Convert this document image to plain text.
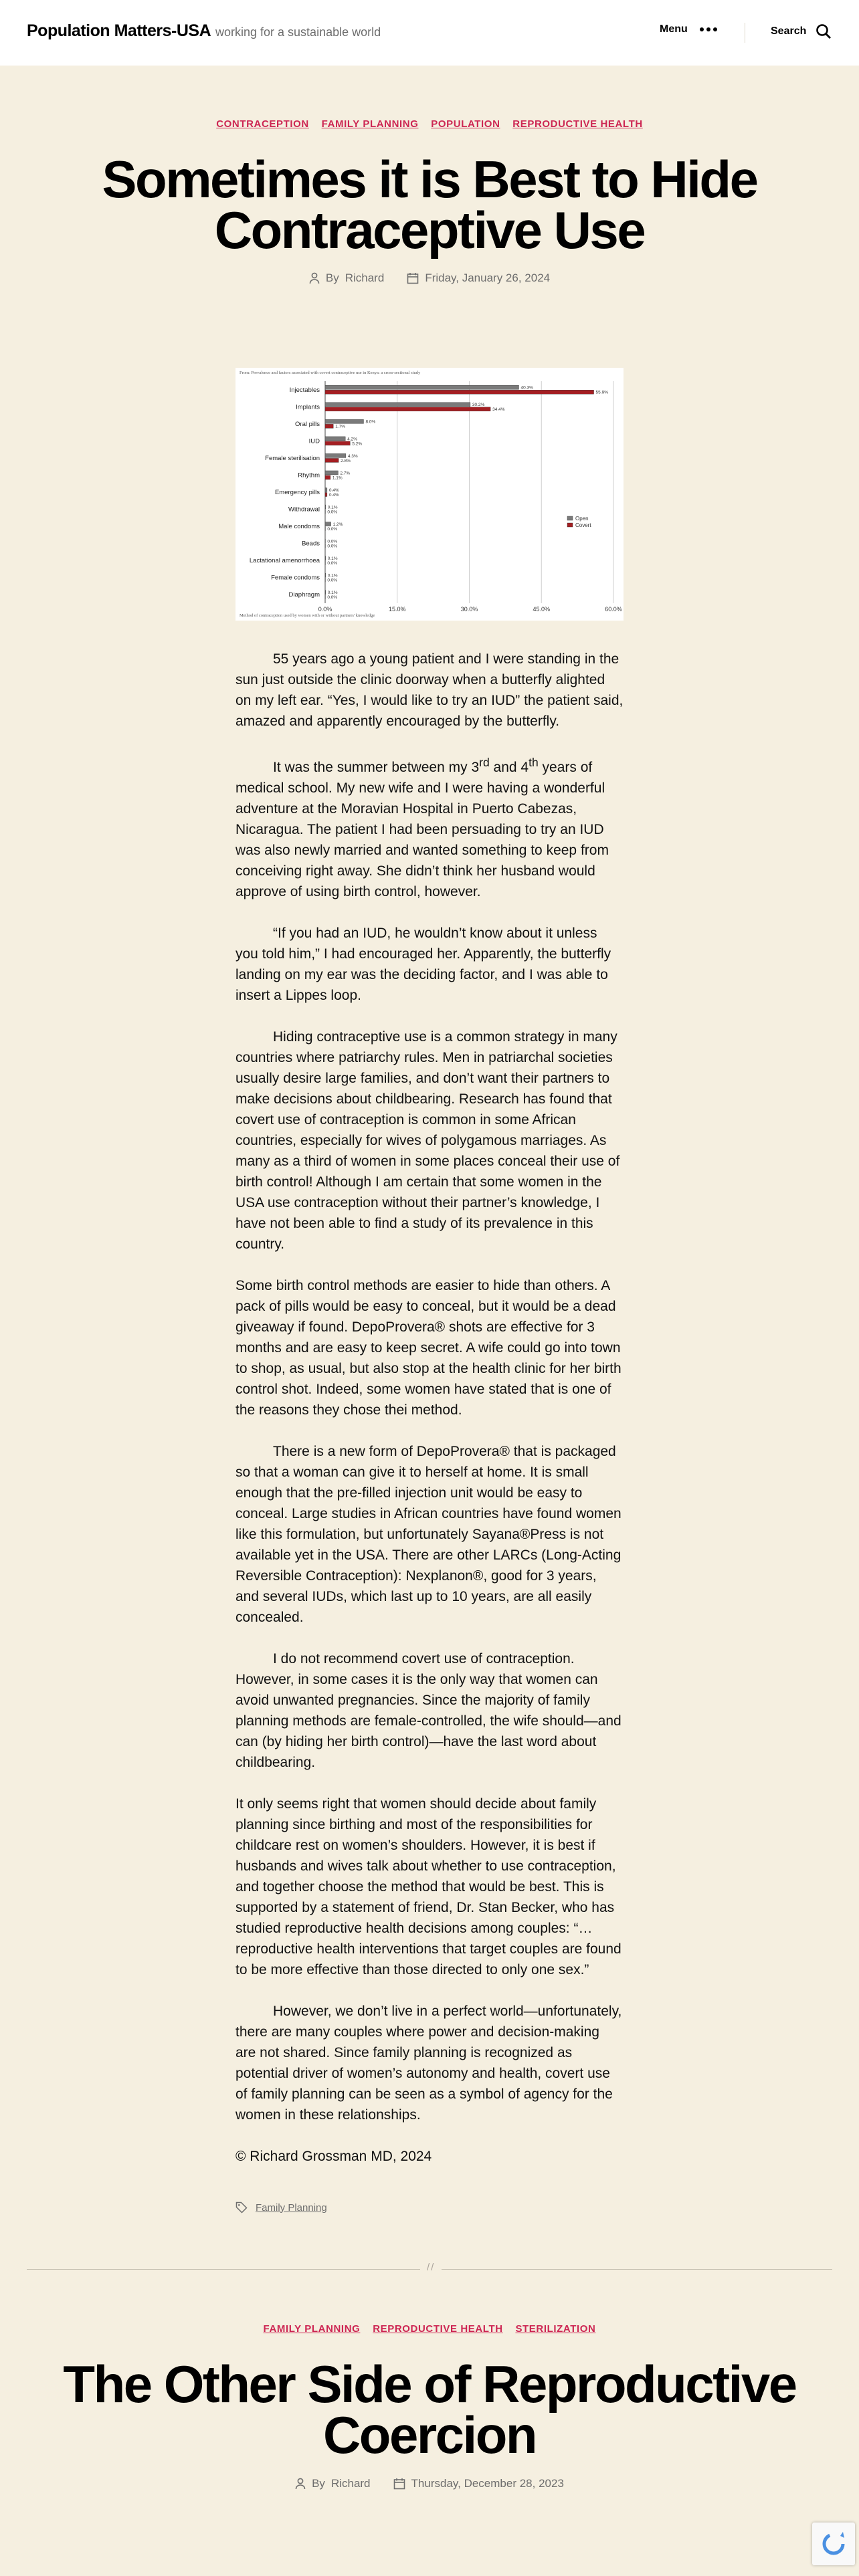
Population Matters-USA working for a sustainable world	Menu	Search
CONTRACEPTION FAMILY PLANNING POPULATION REPRODUCTIVE HEALTH
Sometimes it is Best to Hide
Contraceptive Use
By Richard	Friday, January 26, 2024
From: Prevalence and factors associated with covert contraceptive use in Kenya: a cross-sectional study
Method of contraception used by women with or without partners' knowledge
Injectables	40.3%
55.9%
Implants	30.2%
34.4%
Oral pills	8.0%
1.7%
IUD	4.2%
5.2%
Female sterilisation	4.3%
2.8%
Rhythm	2.7%
1.1%
Emergency pills 0.4%
0.4%
Withdrawal 0.1%
0.0%
Male condoms	1.2%
0.0%
Beads 0.0%
0.0%
Lactational amenorrhoea 0.1%
0.0%
Female condoms 0.1%
0.0%
Diaphragm 0.1%
0.0%
0.0%	15.0%	30.0%	45.0%	60.0%
Open
Covert

55 years ago a young patient and I were standing in the sun just outside the clinic doorway when a butterfly alighted on my left ear. “Yes, I would like to try an IUD” the patient said, amazed and apparently encouraged by the butterfly.

It was the summer between my 3rd and 4th years of medical school. My new wife and I were having a wonderful adventure at the Moravian Hospital in Puerto Cabezas, Nicaragua. The patient I had been persuading to try an IUD was also newly married and wanted something to keep from conceiving right away. She didn’t think her husband would approve of using birth control, however.

“If you had an IUD, he wouldn’t know about it unless you told him,” I had encouraged her. Apparently, the butterfly landing on my ear was the deciding factor, and I was able to insert a Lippes loop.

Hiding contraceptive use is a common strategy in many countries where patriarchy rules. Men in patriarchal societies usually desire large families, and don’t want their partners to make decisions about childbearing. Research has found that covert use of contraception is common in some African countries, especially for wives of polygamous marriages. As many as a third of women in some places conceal their use of birth control! Although I am certain that some women in the USA use contraception without their partner’s knowledge, I have not been able to find a study of its prevalence in this country.

Some birth control methods are easier to hide than others. A pack of pills would be easy to conceal, but it would be a dead giveaway if found. DepoProvera® shots are effective for 3 months and are easy to keep secret. A wife could go into town to shop, as usual, but also stop at the health clinic for her birth control shot. Indeed, some women have stated that is one of the reasons they chose thei method.

There is a new form of DepoProvera® that is packaged so that a woman can give it to herself at home. It is small enough that the pre-filled injection unit would be easy to conceal. Large studies in African countries have found women like this formulation, but unfortunately Sayana®Press is not available yet in the USA. There are other LARCs (Long-Acting Reversible Contraception): Nexplanon®, good for 3 years, and several IUDs, which last up to 10 years, are all easily concealed.

I do not recommend covert use of contraception. However, in some cases it is the only way that women can avoid unwanted pregnancies. Since the majority of family planning methods are female-controlled, the wife should—and can (by hiding her birth control)—have the last word about childbearing.

It only seems right that women should decide about family planning since birthing and most of the responsibilities for childcare rest on women’s shoulders. However, it is best if husbands and wives talk about whether to use contraception, and together choose the method that would be best. This is supported by a statement of friend, Dr. Stan Becker, who has studied reproductive health decisions among couples: “…reproductive health interventions that target couples are found to be more effective than those directed to only one sex.”

However, we don’t live in a perfect world—unfortunately, there are many couples where power and decision-making are not shared. Since family planning is recognized as potential driver of women’s autonomy and health, covert use of family planning can be seen as a symbol of agency for the women in these relationships.

© Richard Grossman MD, 2024

Family Planning
//
FAMILY PLANNING REPRODUCTIVE HEALTH STERILIZATION
The Other Side of Reproductive
Coercion
By Richard	Thursday, December 28, 2023
